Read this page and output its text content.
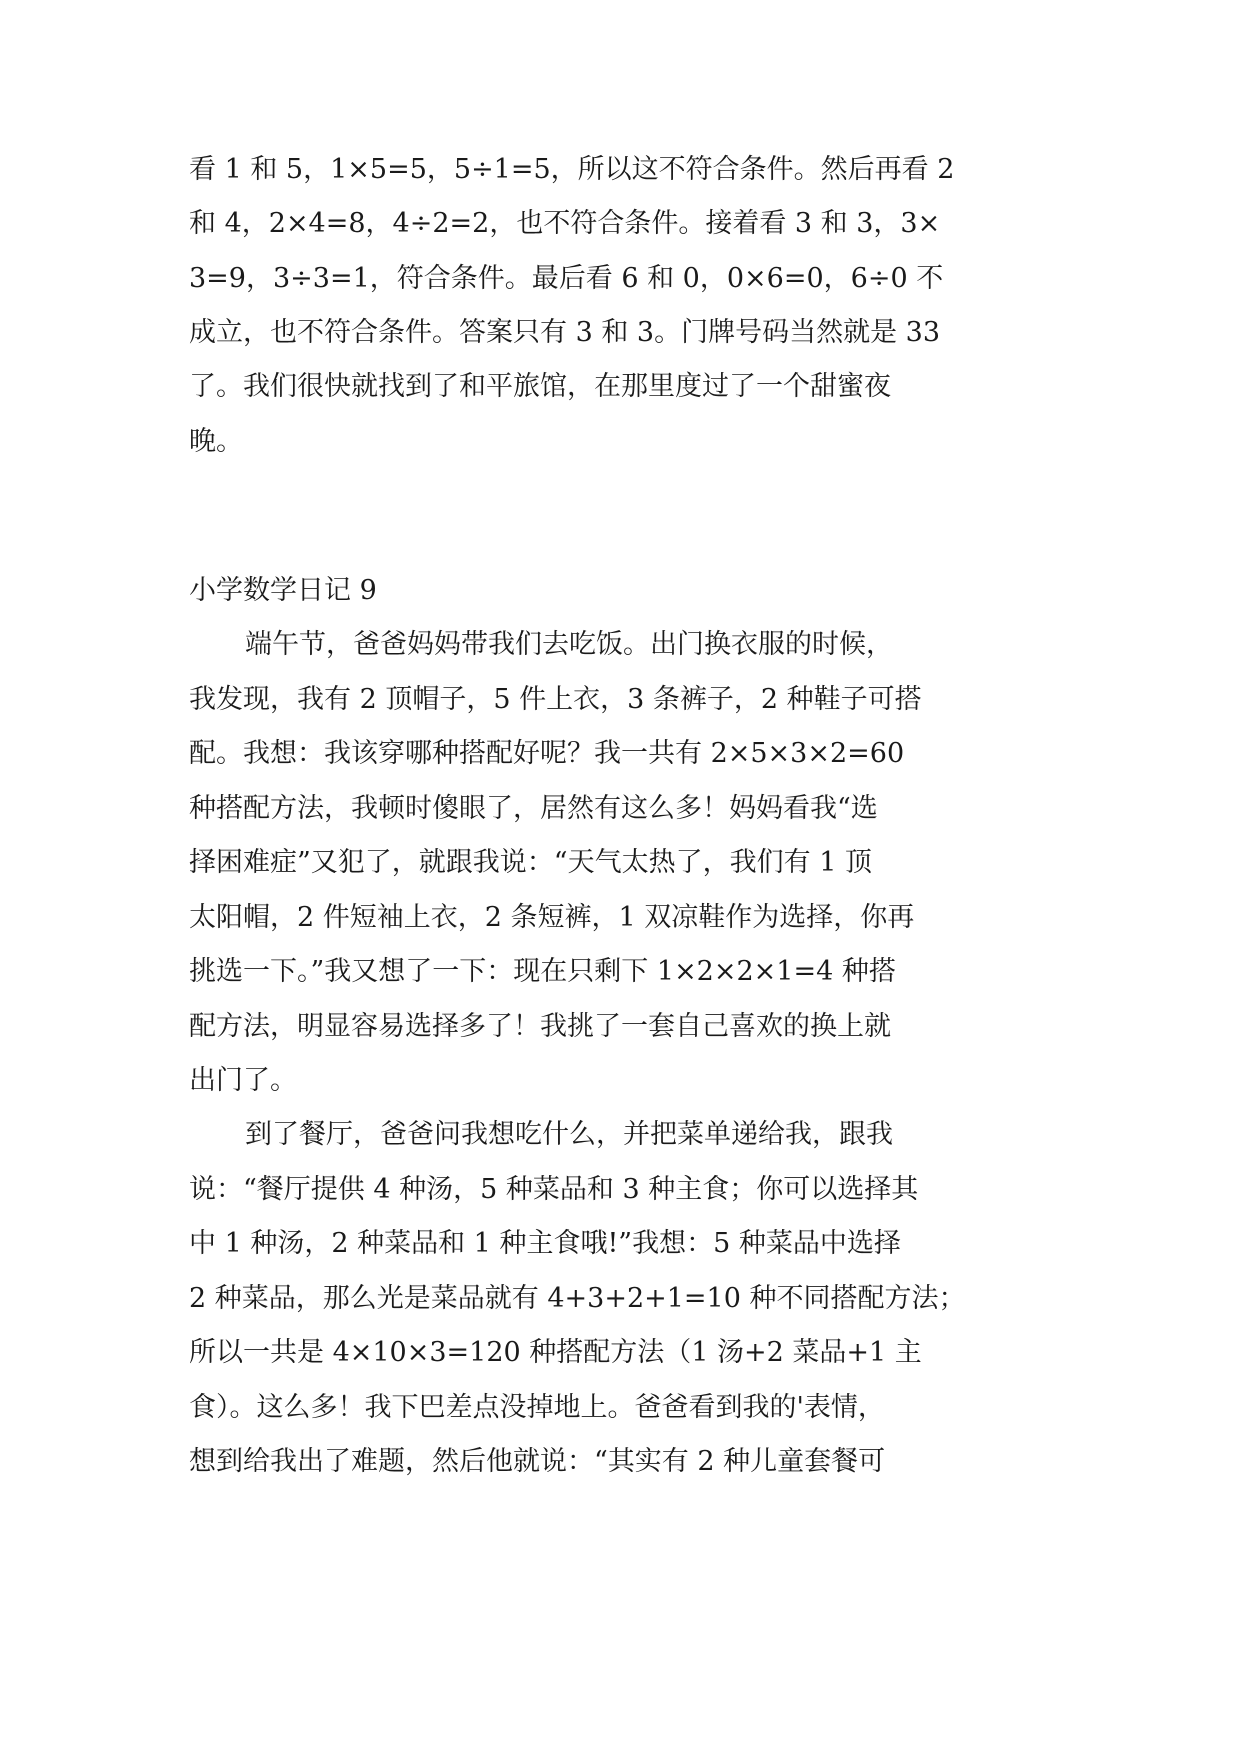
看 1 和 5，1×5=5，5÷1=5，所以这不符合条件。然后再看 2
和 4，2×4=8，4÷2=2，也不符合条件。接着看 3 和 3，3×
3=9，3÷3=1，符合条件。最后看 6 和 0，0×6=0，6÷0 不
成立，也不符合条件。答案只有 3 和 3。门牌号码当然就是 33
了。我们很快就找到了和平旅馆，在那里度过了一个甜蜜夜
晚。
小学数学日记 9
端午节，爸爸妈妈带我们去吃饭。出门换衣服的时候，
我发现，我有 2 顶帽子，5 件上衣，3 条裤子，2 种鞋子可搭
配。我想：我该穿哪种搭配好呢？我一共有 2×5×3×2=60
种搭配方法，我顿时傻眼了，居然有这么多！妈妈看我“选
择困难症”又犯了，就跟我说：“天气太热了，我们有 1 顶
太阳帽，2 件短袖上衣，2 条短裤，1 双凉鞋作为选择，你再
挑选一下。”我又想了一下：现在只剩下 1×2×2×1=4 种搭
配方法，明显容易选择多了！我挑了一套自己喜欢的换上就
出门了。
到了餐厅，爸爸问我想吃什么，并把菜单递给我，跟我
说：“餐厅提供 4 种汤，5 种菜品和 3 种主食；你可以选择其
中 1 种汤，2 种菜品和 1 种主食哦!”我想：5 种菜品中选择
2 种菜品，那么光是菜品就有 4+3+2+1=10 种不同搭配方法；
所以一共是 4×10×3=120 种搭配方法（1 汤+2 菜品+1 主
食）。这么多！我下巴差点没掉地上。爸爸看到我的'表情，
想到给我出了难题，然后他就说：“其实有 2 种儿童套餐可
